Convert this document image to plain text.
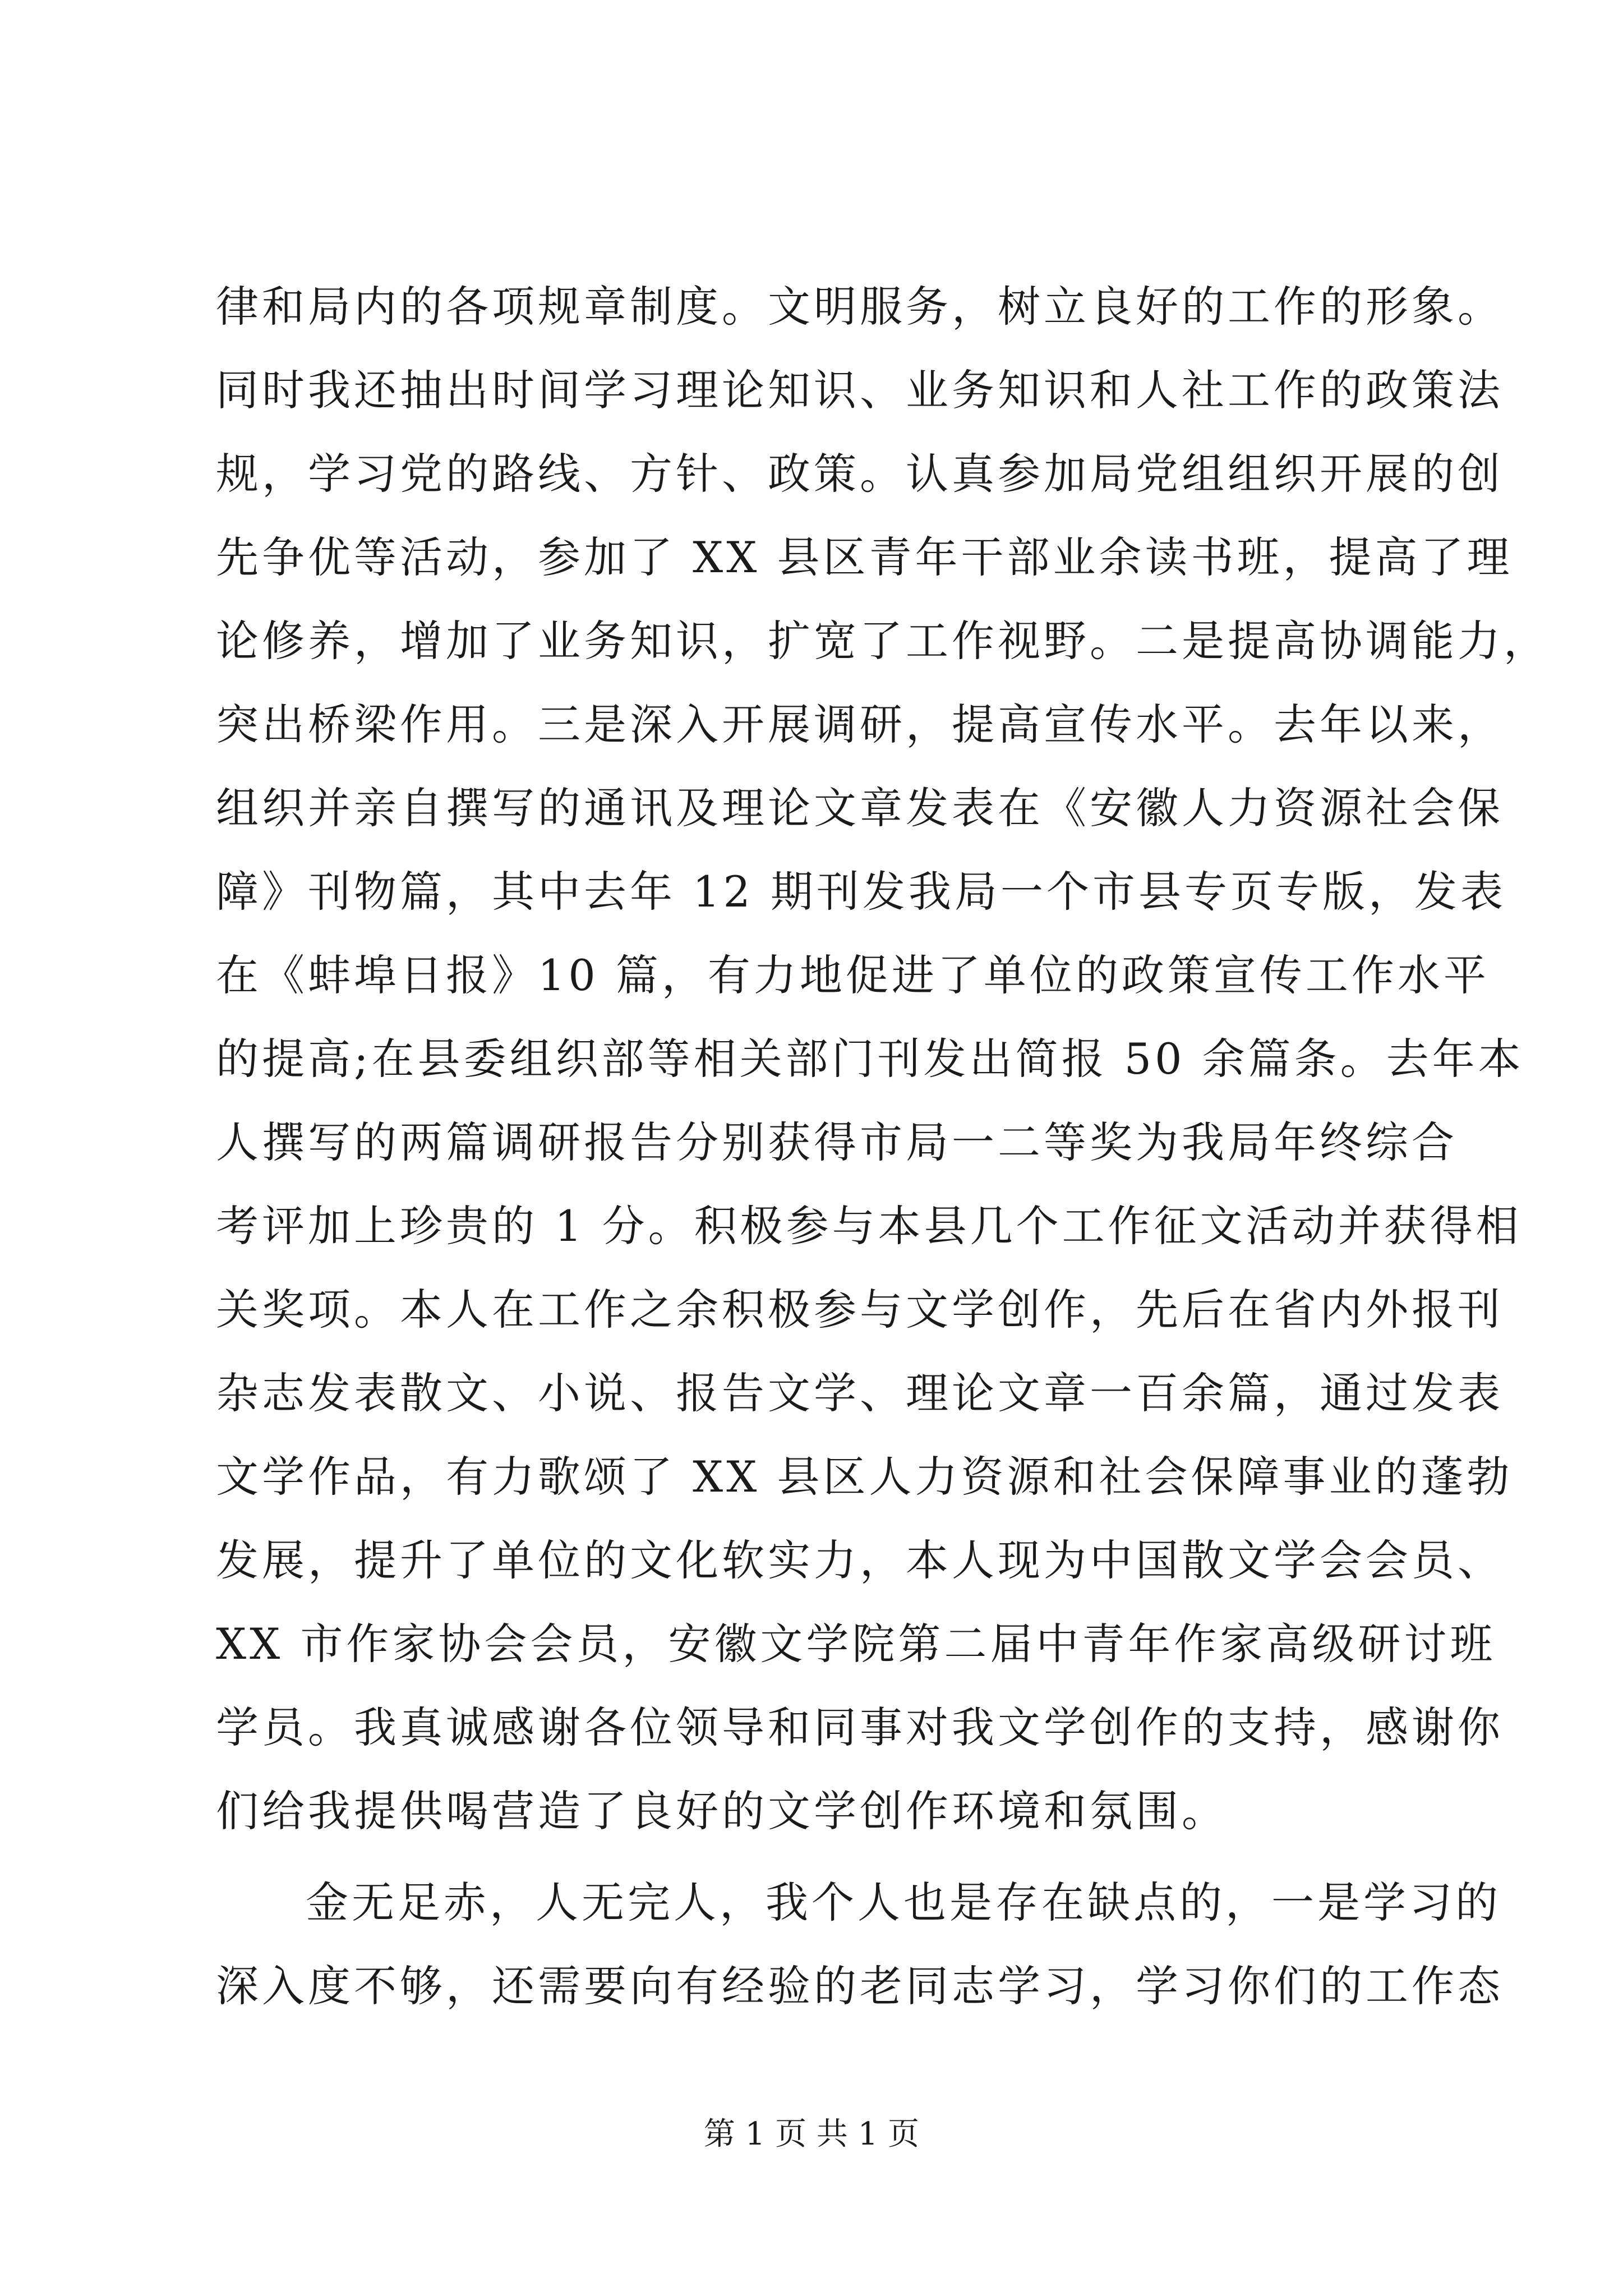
律和局内的各项规章制度。文明服务，树立良好的工作的形象。
同时我还抽出时间学习理论知识、业务知识和人社工作的政策法
规，学习党的路线、方针、政策。认真参加局党组组织开展的创
先争优等活动，参加了 XX 县区青年干部业余读书班，提高了理
论修养，增加了业务知识，扩宽了工作视野。二是提高协调能力，
突出桥梁作用。三是深入开展调研，提高宣传水平。去年以来，
组织并亲自撰写的通讯及理论文章发表在《安徽人力资源社会保
障》刊物篇，其中去年 12 期刊发我局一个市县专页专版，发表
在《蚌埠日报》10 篇，有力地促进了单位的政策宣传工作水平
的提高;在县委组织部等相关部门刊发出简报 50 余篇条。去年本
人撰写的两篇调研报告分别获得市局一二等奖为我局年终综合
考评加上珍贵的 1 分。积极参与本县几个工作征文活动并获得相
关奖项。本人在工作之余积极参与文学创作，先后在省内外报刊
杂志发表散文、小说、报告文学、理论文章一百余篇，通过发表
文学作品，有力歌颂了 XX 县区人力资源和社会保障事业的蓬勃
发展，提升了单位的文化软实力，本人现为中国散文学会会员、
XX 市作家协会会员，安徽文学院第二届中青年作家高级研讨班
学员。我真诚感谢各位领导和同事对我文学创作的支持，感谢你
们给我提供喝营造了良好的文学创作环境和氛围。
金无足赤，人无完人，我个人也是存在缺点的，一是学习的
深入度不够，还需要向有经验的老同志学习，学习你们的工作态
第 1 页 共 1 页
